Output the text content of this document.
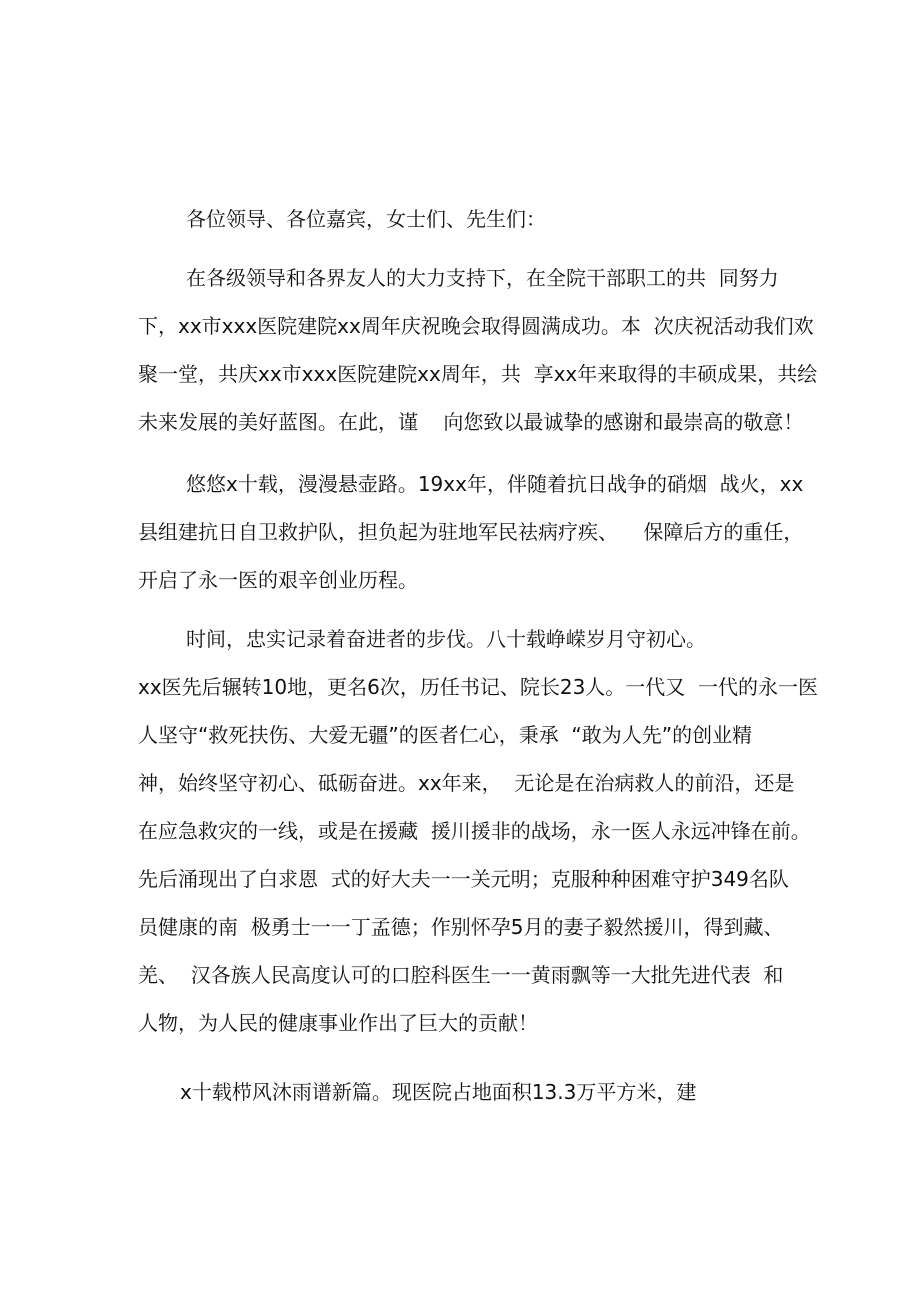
各位领导、各位嘉宾，女士们、先生们：
在各级领导和各界友人的大力支持下，在全院干部职工的共  同努力
下，xx市xxx医院建院xx周年庆祝晚会取得圆满成功。本  次庆祝活动我们欢
聚一堂，共庆xx市xxx医院建院xx周年，共  享xx年来取得的丰硕成果，共绘
未来发展的美好蓝图。在此，谨    向您致以最诚挚的感谢和最崇高的敬意！
悠悠x十载，漫漫悬壶路。19xx年，伴随着抗日战争的硝烟  战火，xx
县组建抗日自卫救护队，担负起为驻地军民祛病疗疾、    保障后方的重任，
开启了永一医的艰辛创业历程。
时间，忠实记录着奋进者的步伐。八十载峥嵘岁月守初心。
xx医先后辗转10地，更名6次，历任书记、院长23人。一代又  一代的永一医
人坚守“救死扶伤、大爱无疆”的医者仁心，秉承  “敢为人先”的创业精
神，始终坚守初心、砥砺奋进。xx年来，  无论是在治病救人的前沿，还是
在应急救灾的一线，或是在援藏  援川援非的战场，永一医人永远冲锋在前。
先后涌现出了白求恩  式的好大夫一一关元明；克服种种困难守护349名队
员健康的南  极勇士一一丁孟德；作别怀孕5月的妻子毅然援川，得到藏、
羌、  汉各族人民高度认可的口腔科医生一一黄雨飘等一大批先进代表  和
人物，为人民的健康事业作出了巨大的贡献！
x十载栉风沐雨谱新篇。现医院占地面积13.3万平方米，建
